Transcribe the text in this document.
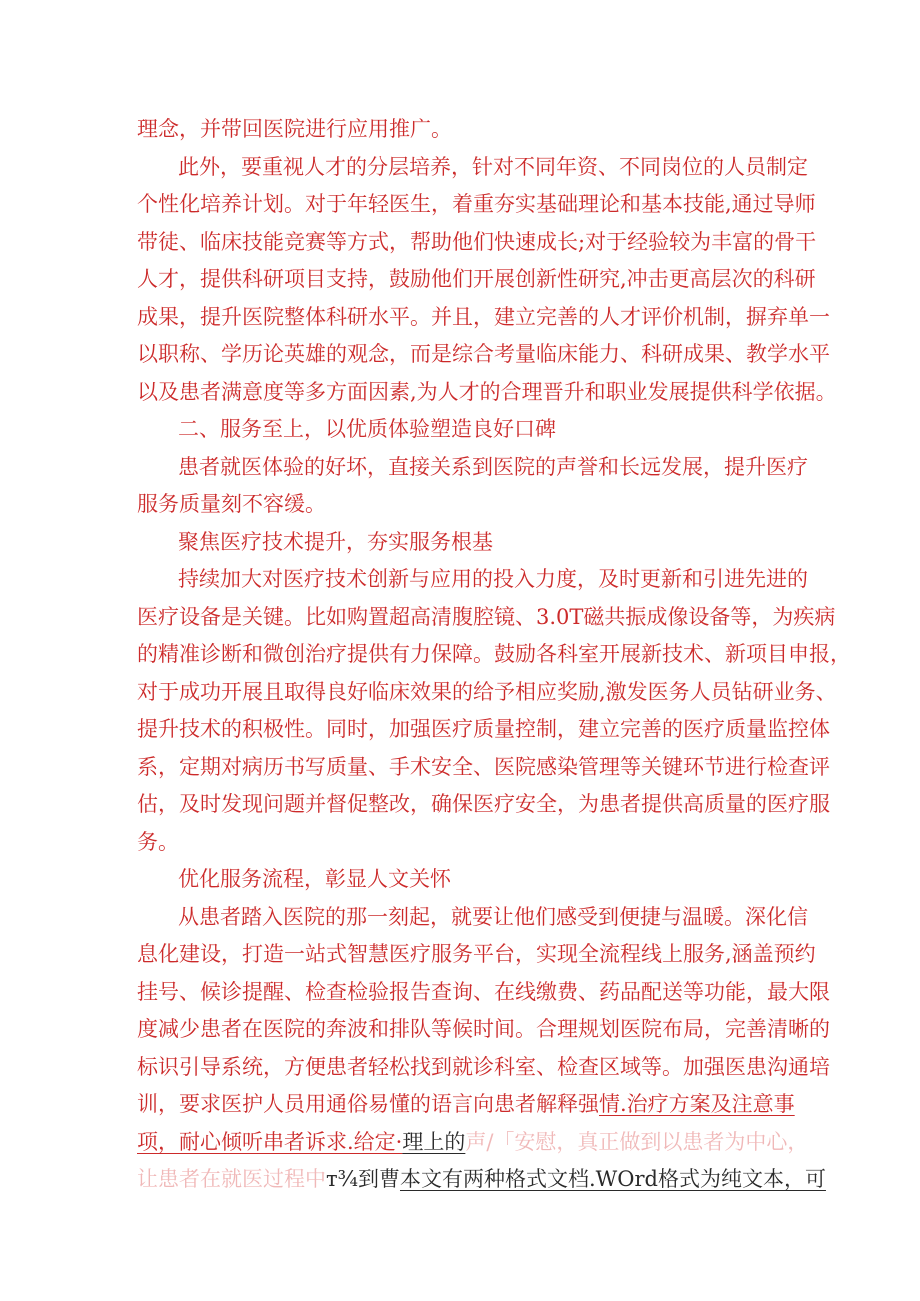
理念，并带回医院进行应用推广。
此外，要重视人才的分层培养，针对不同年资、不同岗位的人员制定
个性化培养计划。对于年轻医生，着重夯实基础理论和基本技能,通过导师
带徒、临床技能竞赛等方式，帮助他们快速成长;对于经验较为丰富的骨干
人才，提供科研项目支持，鼓励他们开展创新性研究,冲击更高层次的科研
成果，提升医院整体科研水平。并且，建立完善的人才评价机制，摒弃单一
以职称、学历论英雄的观念，而是综合考量临床能力、科研成果、教学水平
以及患者满意度等多方面因素,为人才的合理晋升和职业发展提供科学依据。
二、服务至上，以优质体验塑造良好口碑
患者就医体验的好坏，直接关系到医院的声誉和长远发展，提升医疗
服务质量刻不容缓。
聚焦医疗技术提升，夯实服务根基
持续加大对医疗技术创新与应用的投入力度，及时更新和引进先进的
医疗设备是关键。比如购置超高清腹腔镜、3.0T磁共振成像设备等，为疾病
的精准诊断和微创治疗提供有力保障。鼓励各科室开展新技术、新项目申报，
对于成功开展且取得良好临床效果的给予相应奖励,激发医务人员钻研业务、
提升技术的积极性。同时，加强医疗质量控制，建立完善的医疗质量监控体
系，定期对病历书写质量、手术安全、医院感染管理等关键环节进行检查评
估，及时发现问题并督促整改，确保医疗安全，为患者提供高质量的医疗服
务。
优化服务流程，彰显人文关怀
从患者踏入医院的那一刻起，就要让他们感受到便捷与温暖。深化信
息化建设，打造一站式智慧医疗服务平台，实现全流程线上服务,涵盖预约
挂号、候诊提醒、检查检验报告查询、在线缴费、药品配送等功能，最大限
度减少患者在医院的奔波和排队等候时间。合理规划医院布局，完善清晰的
标识引导系统，方便患者轻松找到就诊科室、检查区域等。加强医患沟通培
训，要求医护人员用通俗易懂的语言向患者解释强情.治疗方案及注意事
项，耐心倾听串者诉求.给定·理上的声/「安慰，真正做到以患者为中心，
让患者在就医过程中т¾到曹本文有两种格式文档.WOrd格式为纯文本，可
